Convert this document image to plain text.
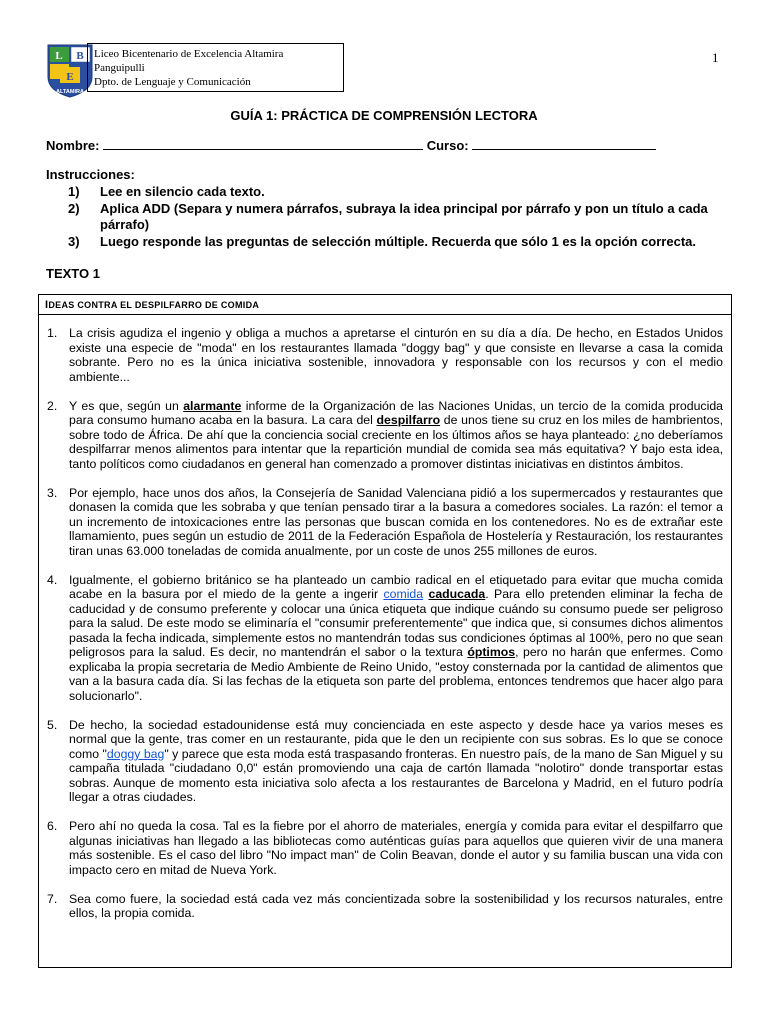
L B
E
ALTAMIRA
Liceo Bicentenario de Excelencia Altamira
Panguipulli
Dpto. de Lenguaje y Comunicación
1
GUÍA 1: PRÁCTICA DE COMPRENSIÓN LECTORA
Nombre:	Curso:
Instrucciones:
1)	Lee en silencio cada texto.
2)	Aplica ADD (Separa y numera párrafos, subraya la idea principal por párrafo y pon un título a cada párrafo)
3)	Luego responde las preguntas de selección múltiple. Recuerda que sólo 1 es la opción correcta.
TEXTO 1
IDEAS CONTRA EL DESPILFARRO DE COMIDA
1. La crisis agudiza el ingenio y obliga a muchos a apretarse el cinturón en su día a día. De hecho, en Estados Unidos existe una especie de "moda" en los restaurantes llamada "doggy bag" y que consiste en llevarse a casa la comida sobrante. Pero no es la única iniciativa sostenible, innovadora y responsable con los recursos y con el medio ambiente...
2. Y es que, según un alarmante informe de la Organización de las Naciones Unidas, un tercio de la comida producida para consumo humano acaba en la basura. La cara del despilfarro de unos tiene su cruz en los miles de hambrientos, sobre todo de África. De ahí que la conciencia social creciente en los últimos años se haya planteado: ¿no deberíamos despilfarrar menos alimentos para intentar que la repartición mundial de comida sea más equitativa? Y bajo esta idea, tanto políticos como ciudadanos en general han comenzado a promover distintas iniciativas en distintos ámbitos.
3. Por ejemplo, hace unos dos años, la Consejería de Sanidad Valenciana pidió a los supermercados y restaurantes que donasen la comida que les sobraba y que tenían pensado tirar a la basura a comedores sociales. La razón: el temor a un incremento de intoxicaciones entre las personas que buscan comida en los contenedores. No es de extrañar este llamamiento, pues según un estudio de 2011 de la Federación Española de Hostelería y Restauración, los restaurantes tiran unas 63.000 toneladas de comida anualmente, por un coste de unos 255 millones de euros.
4. Igualmente, el gobierno británico se ha planteado un cambio radical en el etiquetado para evitar que mucha comida acabe en la basura por el miedo de la gente a ingerir comida caducada. Para ello pretenden eliminar la fecha de caducidad y de consumo preferente y colocar una única etiqueta que indique cuándo su consumo puede ser peligroso para la salud. De este modo se eliminaría el "consumir preferentemente" que indica que, si consumes dichos alimentos pasada la fecha indicada, simplemente estos no mantendrán todas sus condiciones óptimas al 100%, pero no que sean peligrosos para la salud. Es decir, no mantendrán el sabor o la textura óptimos, pero no harán que enfermes. Como explicaba la propia secretaria de Medio Ambiente de Reino Unido, "estoy consternada por la cantidad de alimentos que van a la basura cada día. Si las fechas de la etiqueta son parte del problema, entonces tendremos que hacer algo para solucionarlo".
5. De hecho, la sociedad estadounidense está muy concienciada en este aspecto y desde hace ya varios meses es normal que la gente, tras comer en un restaurante, pida que le den un recipiente con sus sobras. Es lo que se conoce como "doggy bag" y parece que esta moda está traspasando fronteras. En nuestro país, de la mano de San Miguel y su campaña titulada "ciudadano 0,0" están promoviendo una caja de cartón llamada "nolotiro" donde transportar estas sobras. Aunque de momento esta iniciativa solo afecta a los restaurantes de Barcelona y Madrid, en el futuro podría llegar a otras ciudades.
6. Pero ahí no queda la cosa. Tal es la fiebre por el ahorro de materiales, energía y comida para evitar el despilfarro que algunas iniciativas han llegado a las bibliotecas como auténticas guías para aquellos que quieren vivir de una manera más sostenible. Es el caso del libro "No impact man" de Colin Beavan, donde el autor y su familia buscan una vida con impacto cero en mitad de Nueva York.
7. Sea como fuere, la sociedad está cada vez más concientizada sobre la sostenibilidad y los recursos naturales, entre ellos, la propia comida.
